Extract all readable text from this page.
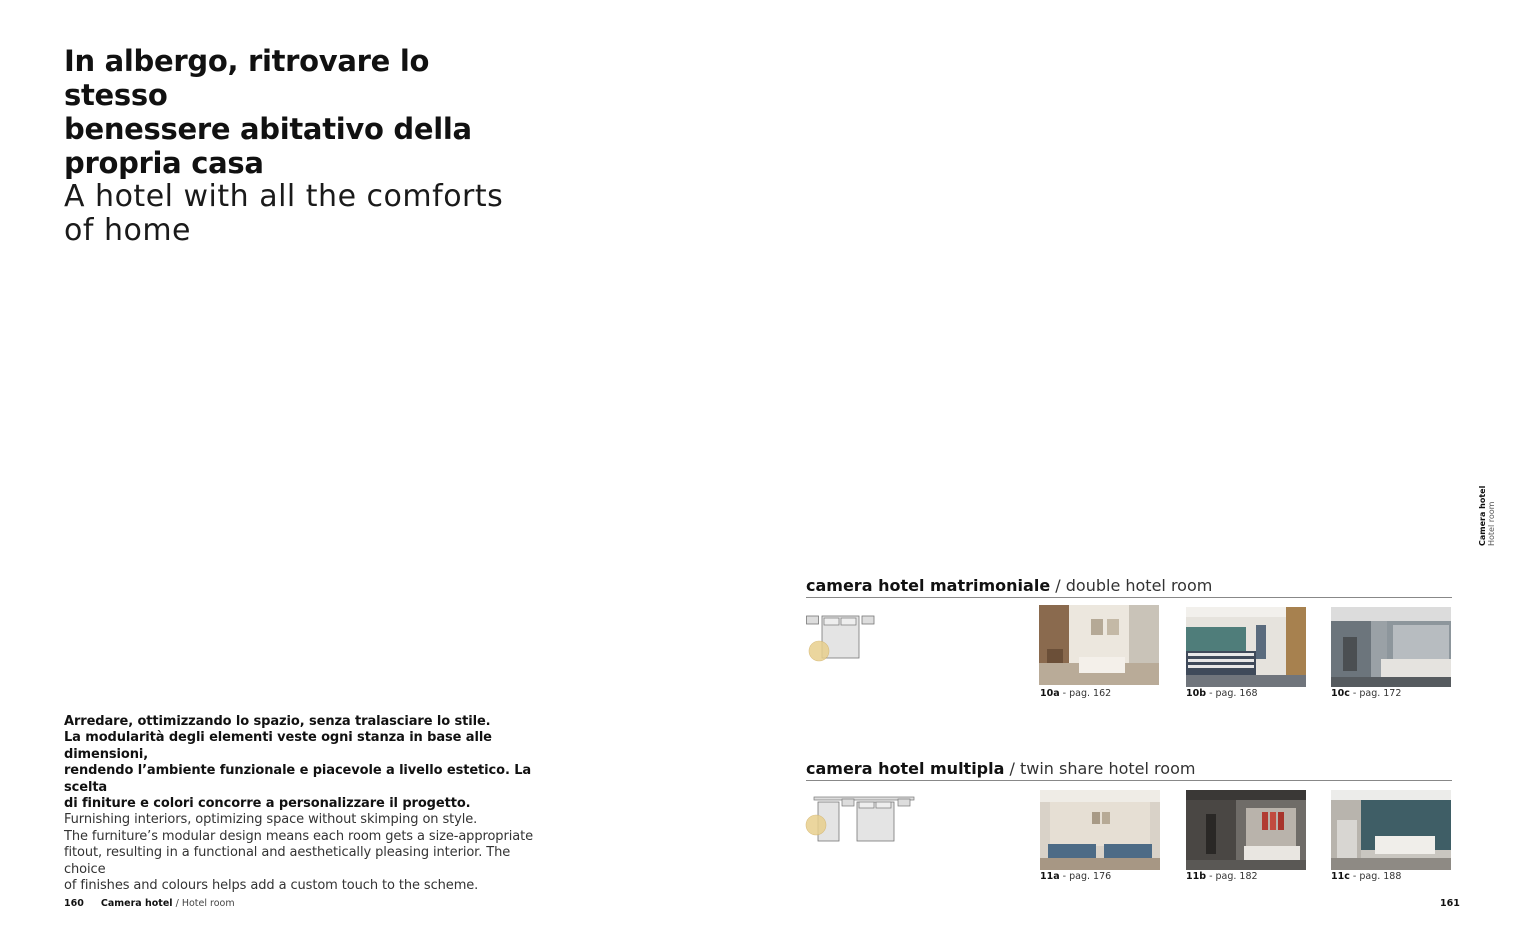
In albergo, ritrovare lo stesso
benessere abitativo della
propria casa
A hotel with all the comforts
of home
Arredare, ottimizzando lo spazio, senza tralasciare lo stile.
La modularità degli elementi veste ogni stanza in base alle dimensioni,
rendendo l’ambiente funzionale e piacevole a livello estetico. La scelta
di finiture e colori concorre a personalizzare il progetto.
Furnishing interiors, optimizing space without skimping on style.
The furniture’s modular design means each room gets a size-appropriate
fitout, resulting in a functional and aesthetically pleasing interior. The choice
of finishes and colours helps add a custom touch to the scheme.
160 Camera hotel / Hotel room	161
Camera hotel Hotel room
camera hotel matrimoniale / double hotel room
10a - pag. 162	10b - pag. 168	10c - pag. 172
camera hotel multipla / twin share hotel room
11a - pag. 176	11b - pag. 182	11c - pag. 188
